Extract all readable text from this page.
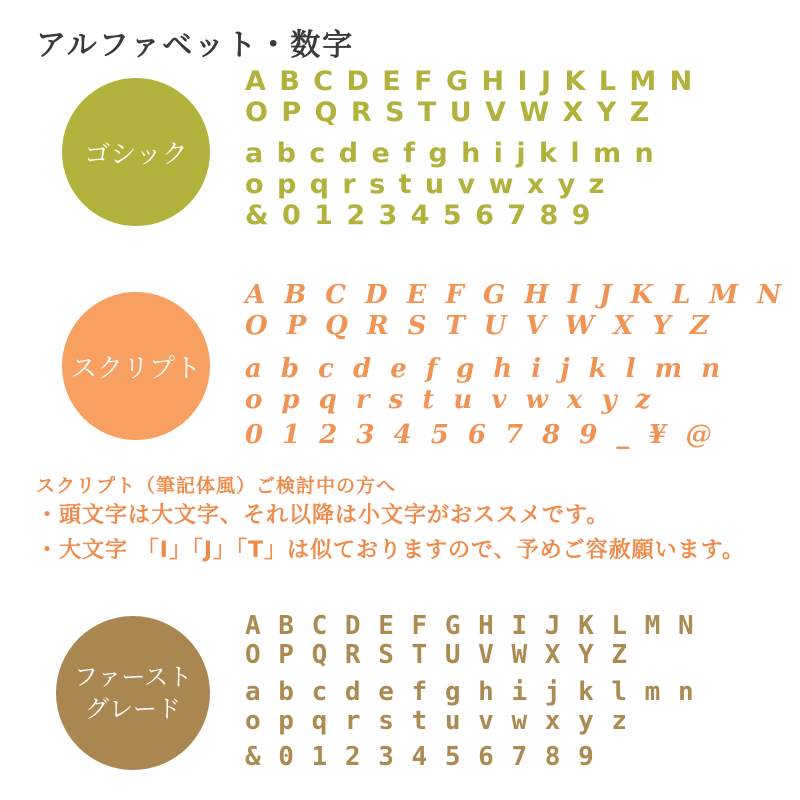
アルファベット・数字
ゴシック
A B C D E F G H I J K L M N
O P Q R S T U V W X Y Z
a b c d e f g h i j k l m n
o p q r s t u v w x y z
& 0 1 2 3 4 5 6 7 8 9
スクリプト
A B C D E F G H I J K L M N
O P Q R S T U V W X Y Z
a b c d e f g h i j k l m n
o p q r s t u v w x y z
0 1 2 3 4 5 6 7 8 9 _ ¥ @

スクリプト（筆記体風）ご検討中の方へ

・頭文字は大文字、それ以降は小文字がおススメです。
・大文字 「I」「J」「T」は似ておりますので、予めご容赦願います。
ファースト
グレード
A B C D E F G H I J K L M N
O P Q R S T U V W X Y Z
a b c d e f g h i j k l m n
o p q r s t u v w x y z
& 0 1 2 3 4 5 6 7 8 9
